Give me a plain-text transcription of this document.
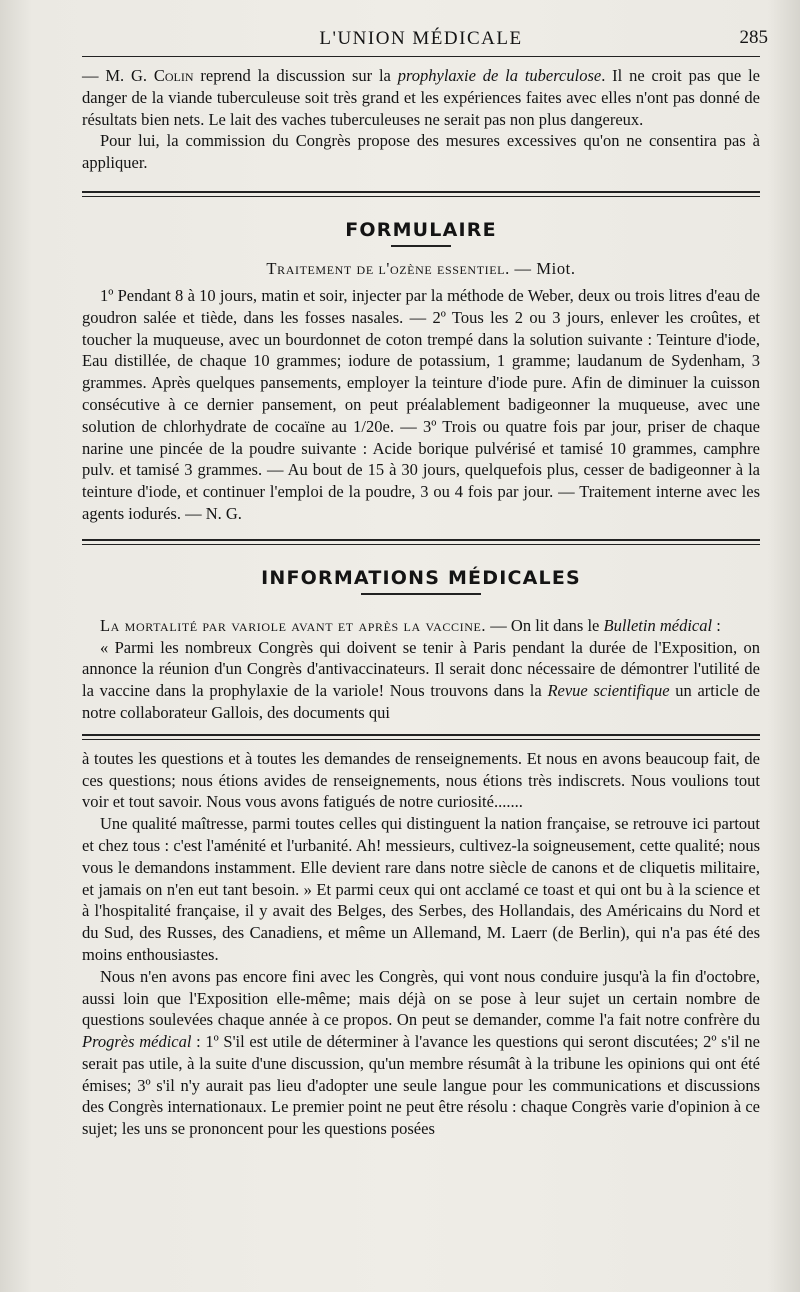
L'UNION MÉDICALE	285

— M. G. Colin reprend la discussion sur la prophylaxie de la tuberculose. Il ne croit pas que le danger de la viande tuberculeuse soit très grand et les expériences faites avec elles n'ont pas donné de résultats bien nets. Le lait des vaches tuberculeuses ne serait pas non plus dangereux.

Pour lui, la commission du Congrès propose des mesures excessives qu'on ne consentira pas à appliquer.

FORMULAIRE

Traitement de l'ozène essentiel. — Miot.

1º Pendant 8 à 10 jours, matin et soir, injecter par la méthode de Weber, deux ou trois litres d'eau de goudron salée et tiède, dans les fosses nasales. — 2º Tous les 2 ou 3 jours, enlever les croûtes, et toucher la muqueuse, avec un bourdonnet de coton trempé dans la solution suivante : Teinture d'iode, Eau distillée, de chaque 10 grammes; iodure de potassium, 1 gramme; laudanum de Sydenham, 3 grammes. Après quelques pansements, employer la teinture d'iode pure. Afin de diminuer la cuisson consécutive à ce dernier pansement, on peut préalablement badigeonner la muqueuse, avec une solution de chlorhydrate de cocaïne au 1/20e. — 3º Trois ou quatre fois par jour, priser de chaque narine une pincée de la poudre suivante : Acide borique pulvérisé et tamisé 10 grammes, camphre pulv. et tamisé 3 grammes. — Au bout de 15 à 30 jours, quelquefois plus, cesser de badigeonner à la teinture d'iode, et continuer l'emploi de la poudre, 3 ou 4 fois par jour. — Traitement interne avec les agents iodurés. — N. G.

INFORMATIONS MÉDICALES

La mortalité par variole avant et après la vaccine. — On lit dans le Bulletin médical :

« Parmi les nombreux Congrès qui doivent se tenir à Paris pendant la durée de l'Exposition, on annonce la réunion d'un Congrès d'antivaccinateurs. Il serait donc nécessaire de démontrer l'utilité de la vaccine dans la prophylaxie de la variole! Nous trouvons dans la Revue scientifique un article de notre collaborateur Gallois, des documents qui

à toutes les questions et à toutes les demandes de renseignements. Et nous en avons beaucoup fait, de ces questions; nous étions avides de renseignements, nous étions très indiscrets. Nous voulions tout voir et tout savoir. Nous vous avons fatigués de notre curiosité.......

Une qualité maîtresse, parmi toutes celles qui distinguent la nation française, se retrouve ici partout et chez tous : c'est l'aménité et l'urbanité. Ah! messieurs, cultivez-la soigneusement, cette qualité; nous vous le demandons instamment. Elle devient rare dans notre siècle de canons et de cliquetis militaire, et jamais on n'en eut tant besoin. » Et parmi ceux qui ont acclamé ce toast et qui ont bu à la science et à l'hospitalité française, il y avait des Belges, des Serbes, des Hollandais, des Américains du Nord et du Sud, des Russes, des Canadiens, et même un Allemand, M. Laerr (de Berlin), qui n'a pas été des moins enthousiastes.

Nous n'en avons pas encore fini avec les Congrès, qui vont nous conduire jusqu'à la fin d'octobre, aussi loin que l'Exposition elle-même; mais déjà on se pose à leur sujet un certain nombre de questions soulevées chaque année à ce propos. On peut se demander, comme l'a fait notre confrère du Progrès médical : 1º S'il est utile de déterminer à l'avance les questions qui seront discutées; 2º s'il ne serait pas utile, à la suite d'une discussion, qu'un membre résumât à la tribune les opinions qui ont été émises; 3º s'il n'y aurait pas lieu d'adopter une seule langue pour les communications et discussions des Congrès internationaux. Le premier point ne peut être résolu : chaque Congrès varie d'opinion à ce sujet; les uns se prononcent pour les questions posées
